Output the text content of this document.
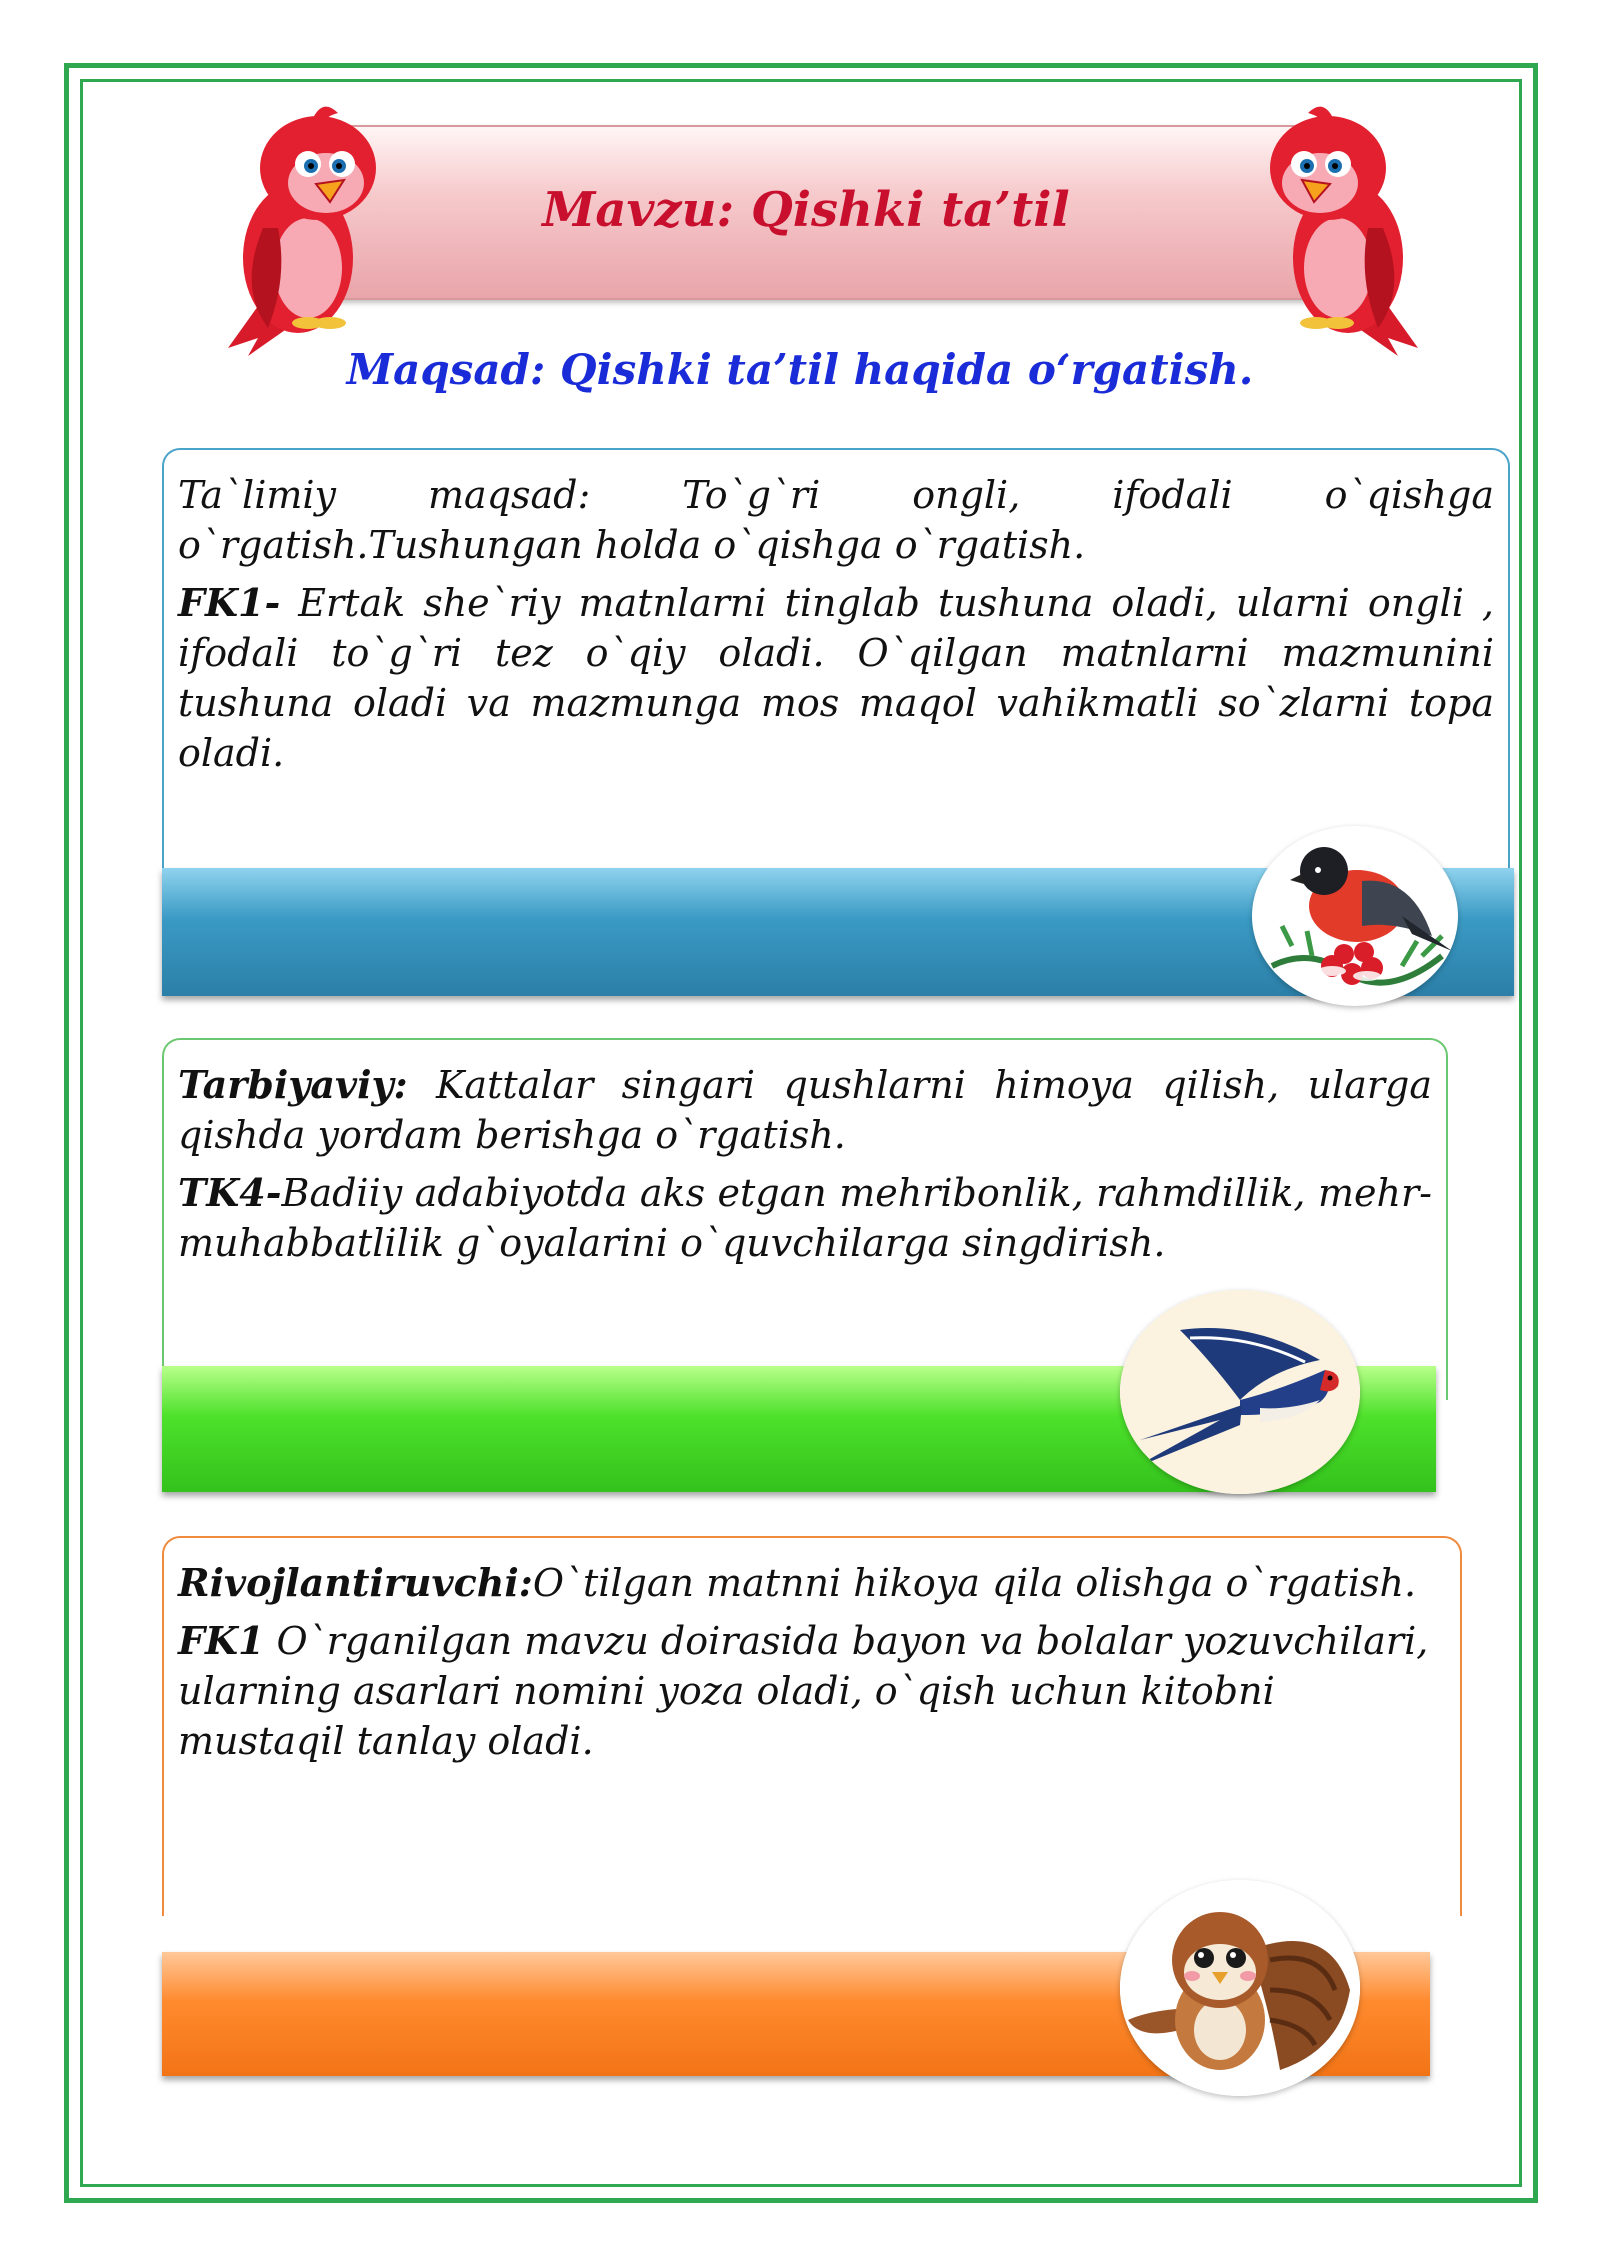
Mavzu: Qishki ta’til
Maqsad: Qishki ta’til haqida o‘rgatish.

Ta`limiy maqsad: To`g`ri ongli, ifodali o`qishga o`rgatish.Tushungan holda o`qishga o`rgatish.

FK1- Ertak she`riy matnlarni tinglab tushuna oladi, ularni ongli , ifodali to`g`ri tez o`qiy oladi. O`qilgan matnlarni mazmunini tushuna oladi va mazmunga mos maqol vahikmatli so`zlarni topa oladi.

Tarbiyaviy: Kattalar singari qushlarni himoya qilish, ularga qishda yordam berishga o`rgatish.

TK4-Badiiy adabiyotda aks etgan mehribonlik, rahmdillik, mehr-muhabbatlilik g`oyalarini o`quvchilarga singdirish.

Rivojlantiruvchi:O`tilgan matnni hikoya qila olishga o`rgatish.

FK1 O`rganilgan mavzu doirasida bayon va bolalar yozuvchilari, ularning asarlari nomini yoza oladi, o`qish uchun kitobni mustaqil tanlay oladi.
